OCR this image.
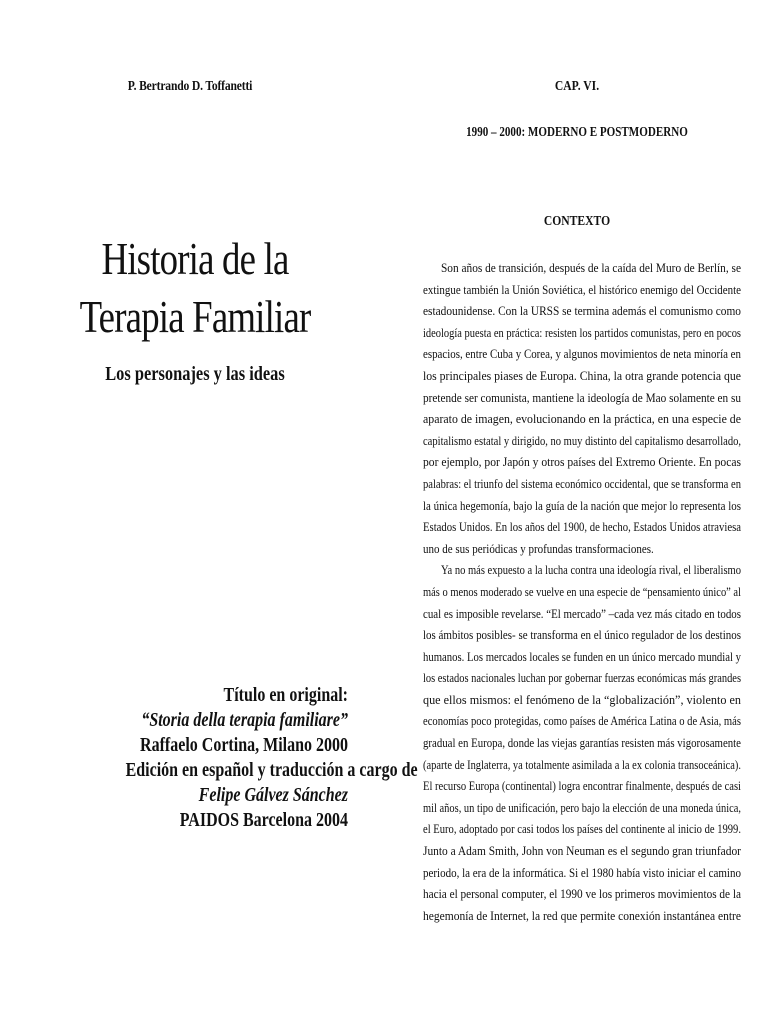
P. Bertrando D. Toffanetti
Historia de la
Terapia Familiar
Los personajes y las ideas
Título en original:
“Storia della terapia familiare”
Raffaelo Cortina, Milano 2000
Edición en español y traducción a cargo de
Felipe Gálvez Sánchez
PAIDOS Barcelona 2004
CAP. VI.
1990 – 2000: MODERNO E POSTMODERNO
CONTEXTO
Son años de transición, después de la caída del Muro de Berlín, se
extingue también la Unión Soviética, el histórico enemigo del Occidente
estadounidense. Con la URSS se termina además el comunismo como
ideología puesta en práctica: resisten los partidos comunistas, pero en pocos
espacios, entre Cuba y Corea, y algunos movimientos de neta minoría en
los principales piases de Europa. China, la otra grande potencia que
pretende ser comunista, mantiene la ideología de Mao solamente en su
aparato de imagen, evolucionando en la práctica, en una especie de
capitalismo estatal y dirigido, no muy distinto del capitalismo desarrollado,
por ejemplo, por Japón y otros países del Extremo Oriente. En pocas
palabras: el triunfo del sistema económico occidental, que se transforma en
la única hegemonía, bajo la guía de la nación que mejor lo representa los
Estados Unidos. En los años del 1900, de hecho, Estados Unidos atraviesa
uno de sus periódicas y profundas transformaciones.
Ya no más expuesto a la lucha contra una ideología rival, el liberalismo
más o menos moderado se vuelve en una especie de “pensamiento único” al
cual es imposible revelarse. “El mercado” –cada vez más citado en todos
los ámbitos posibles- se transforma en el único regulador de los destinos
humanos. Los mercados locales se funden en un único mercado mundial y
los estados nacionales luchan por gobernar fuerzas económicas más grandes
que ellos mismos: el fenómeno de la “globalización”, violento en
economías poco protegidas, como países de América Latina o de Asia, más
gradual en Europa, donde las viejas garantías resisten más vigorosamente
(aparte de Inglaterra, ya totalmente asimilada a la ex colonia transoceánica).
El recurso Europa (continental) logra encontrar finalmente, después de casi
mil años, un tipo de unificación, pero bajo la elección de una moneda única,
el Euro, adoptado por casi todos los países del continente al inicio de 1999.
Junto a Adam Smith, John von Neuman es el segundo gran triunfador
periodo, la era de la informática. Si el 1980 había visto iniciar el camino
hacia el personal computer, el 1990 ve los primeros movimientos de la
hegemonía de Internet, la red que permite conexión instantánea entre
